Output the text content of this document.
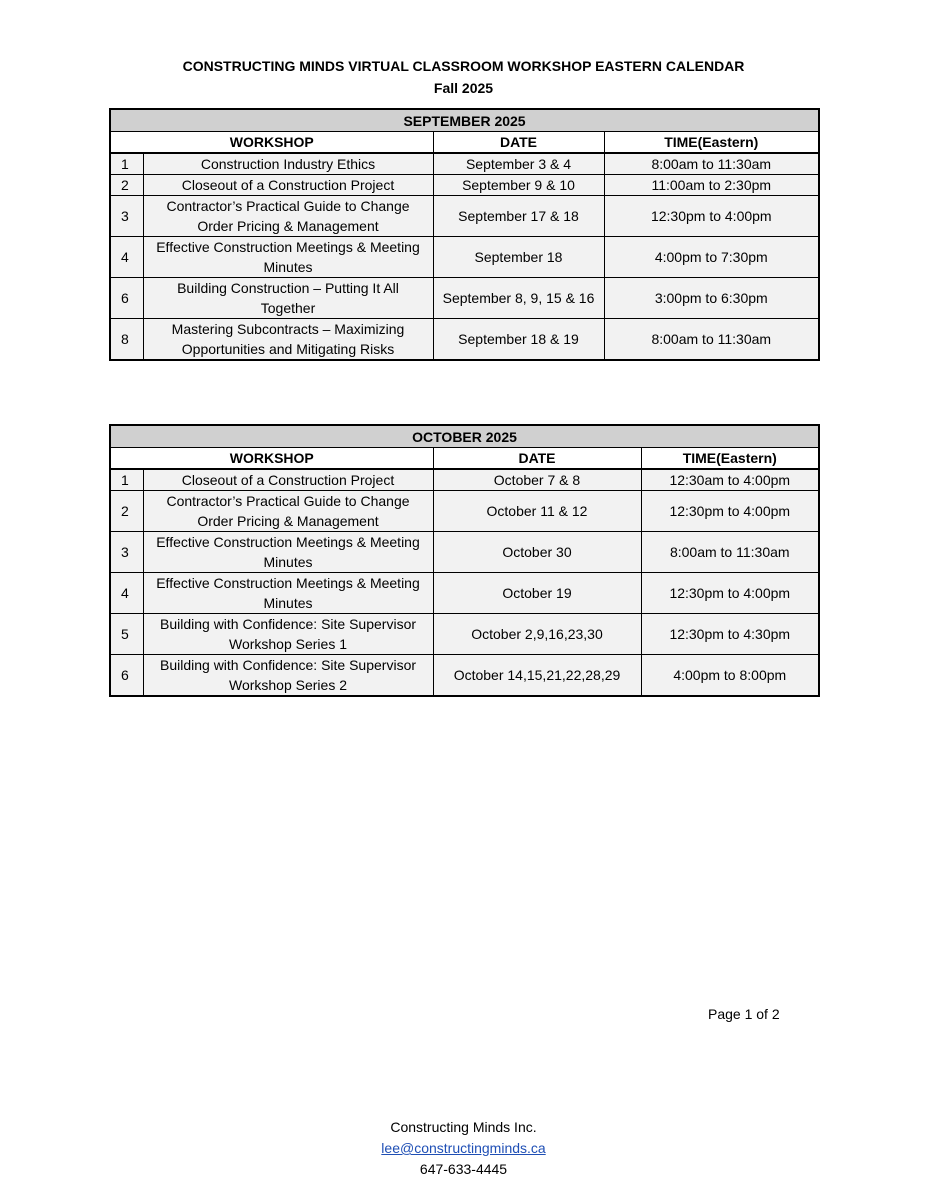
CONSTRUCTING MINDS VIRTUAL CLASSROOM WORKSHOP EASTERN CALENDAR
Fall 2025
SEPTEMBER 2025			
WORKSHOP		DATE	TIME(Eastern)
1	Construction Industry Ethics	September 3 & 4	8:00am to 11:30am
2	Closeout of a Construction Project	September 9 & 10	11:00am to 2:30pm
3	Contractor’s Practical Guide to Change Order Pricing & Management	September 17 & 18	12:30pm to 4:00pm
4	Effective Construction Meetings & Meeting Minutes	September 18	4:00pm to 7:30pm
6	Building Construction – Putting It All Together	September 8, 9, 15 & 16	3:00pm to 6:30pm
8	Mastering Subcontracts – Maximizing Opportunities and Mitigating Risks	September 18 & 19	8:00am to 11:30am
OCTOBER 2025			
WORKSHOP		DATE	TIME(Eastern)
1	Closeout of a Construction Project	October 7 & 8	12:30am to 4:00pm
2	Contractor’s Practical Guide to Change Order Pricing & Management	October 11 & 12	12:30pm to 4:00pm
3	Effective Construction Meetings & Meeting Minutes	October 30	8:00am to 11:30am
4	Effective Construction Meetings & Meeting Minutes	October 19	12:30pm to 4:00pm
5	Building with Confidence: Site Supervisor Workshop Series 1	October 2,9,16,23,30	12:30pm to 4:30pm
6	Building with Confidence: Site Supervisor Workshop Series 2	October 14,15,21,22,28,29	4:00pm to 8:00pm
Page 1 of 2
Constructing Minds Inc.
lee@constructingminds.ca
647-633-4445
